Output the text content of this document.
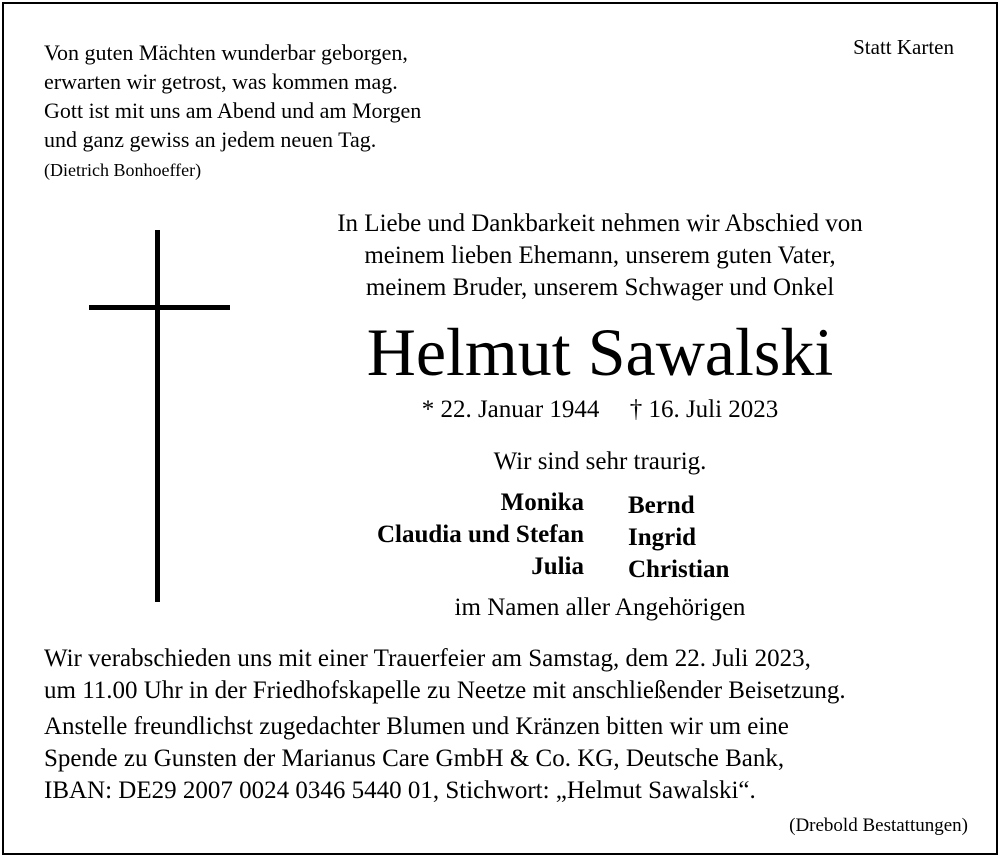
Von guten Mächten wunderbar geborgen,
erwarten wir getrost, was kommen mag.
Gott ist mit uns am Abend und am Morgen
und ganz gewiss an jedem neuen Tag.
(Dietrich Bonhoeffer)
Statt Karten
In Liebe und Dankbarkeit nehmen wir Abschied von
meinem lieben Ehemann, unserem guten Vater,
meinem Bruder, unserem Schwager und Onkel
Helmut Sawalski
* 22. Januar 1944 † 16. Juli 2023
Wir sind sehr traurig.
Monika
Claudia und Stefan
Julia
Bernd
Ingrid
Christian
im Namen aller Angehörigen
Wir verabschieden uns mit einer Trauerfeier am Samstag, dem 22. Juli 2023,
um 11.00 Uhr in der Friedhofskapelle zu Neetze mit anschließender Beisetzung.
Anstelle freundlichst zugedachter Blumen und Kränzen bitten wir um eine
Spende zu Gunsten der Marianus Care GmbH & Co. KG, Deutsche Bank,
IBAN: DE29 2007 0024 0346 5440 01, Stichwort: „Helmut Sawalski“.
(Drebold Bestattungen)
